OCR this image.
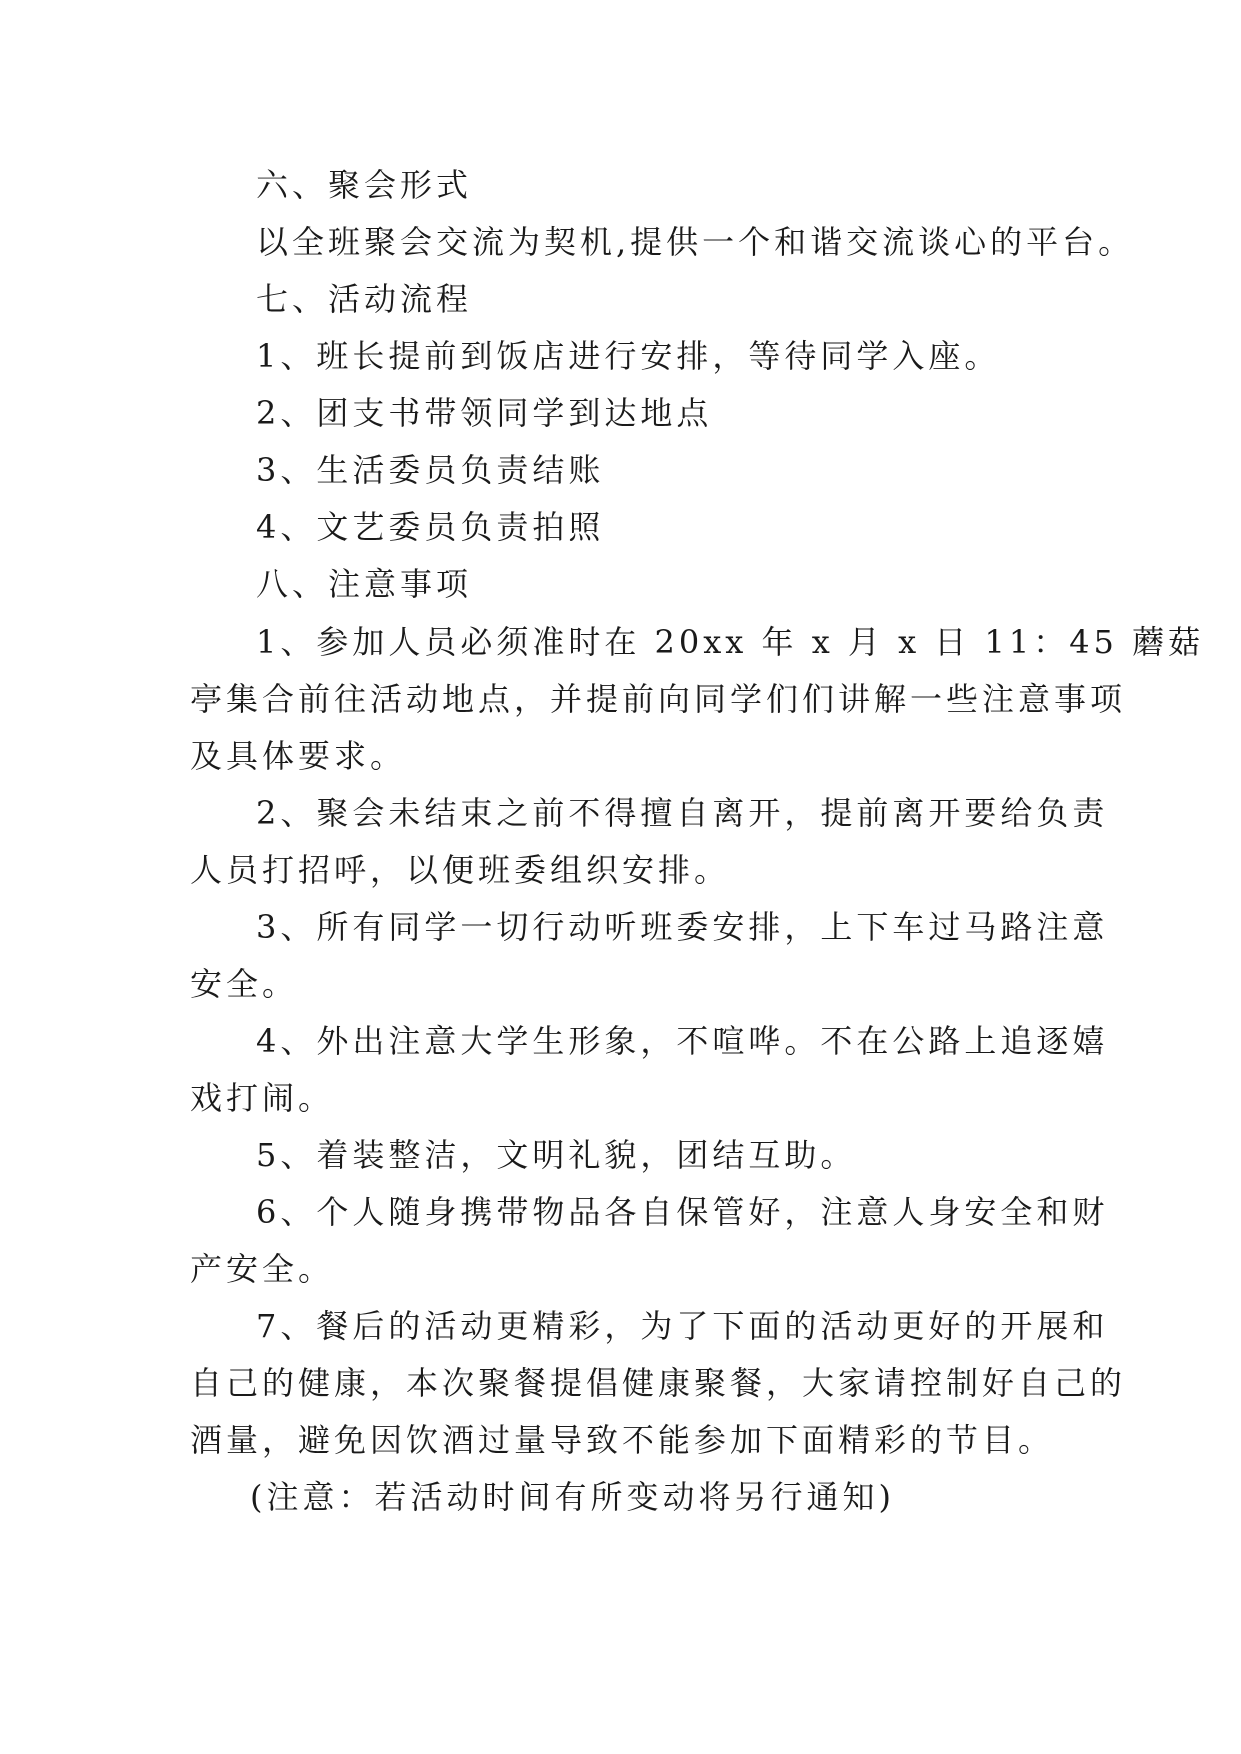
六、聚会形式
以全班聚会交流为契机,提供一个和谐交流谈心的平台。
七、活动流程
1、班长提前到饭店进行安排，等待同学入座。
2、团支书带领同学到达地点
3、生活委员负责结账
4、文艺委员负责拍照
八、注意事项
1、参加人员必须准时在 20xx 年 x 月 x 日 11：45 蘑菇
亭集合前往活动地点，并提前向同学们们讲解一些注意事项
及具体要求。
2、聚会未结束之前不得擅自离开，提前离开要给负责
人员打招呼，以便班委组织安排。
3、所有同学一切行动听班委安排，上下车过马路注意
安全。
4、外出注意大学生形象，不喧哗。不在公路上追逐嬉
戏打闹。
5、着装整洁，文明礼貌，团结互助。
6、个人随身携带物品各自保管好，注意人身安全和财
产安全。
7、餐后的活动更精彩，为了下面的活动更好的开展和
自己的健康，本次聚餐提倡健康聚餐，大家请控制好自己的
酒量，避免因饮酒过量导致不能参加下面精彩的节目。
(注意：若活动时间有所变动将另行通知)
